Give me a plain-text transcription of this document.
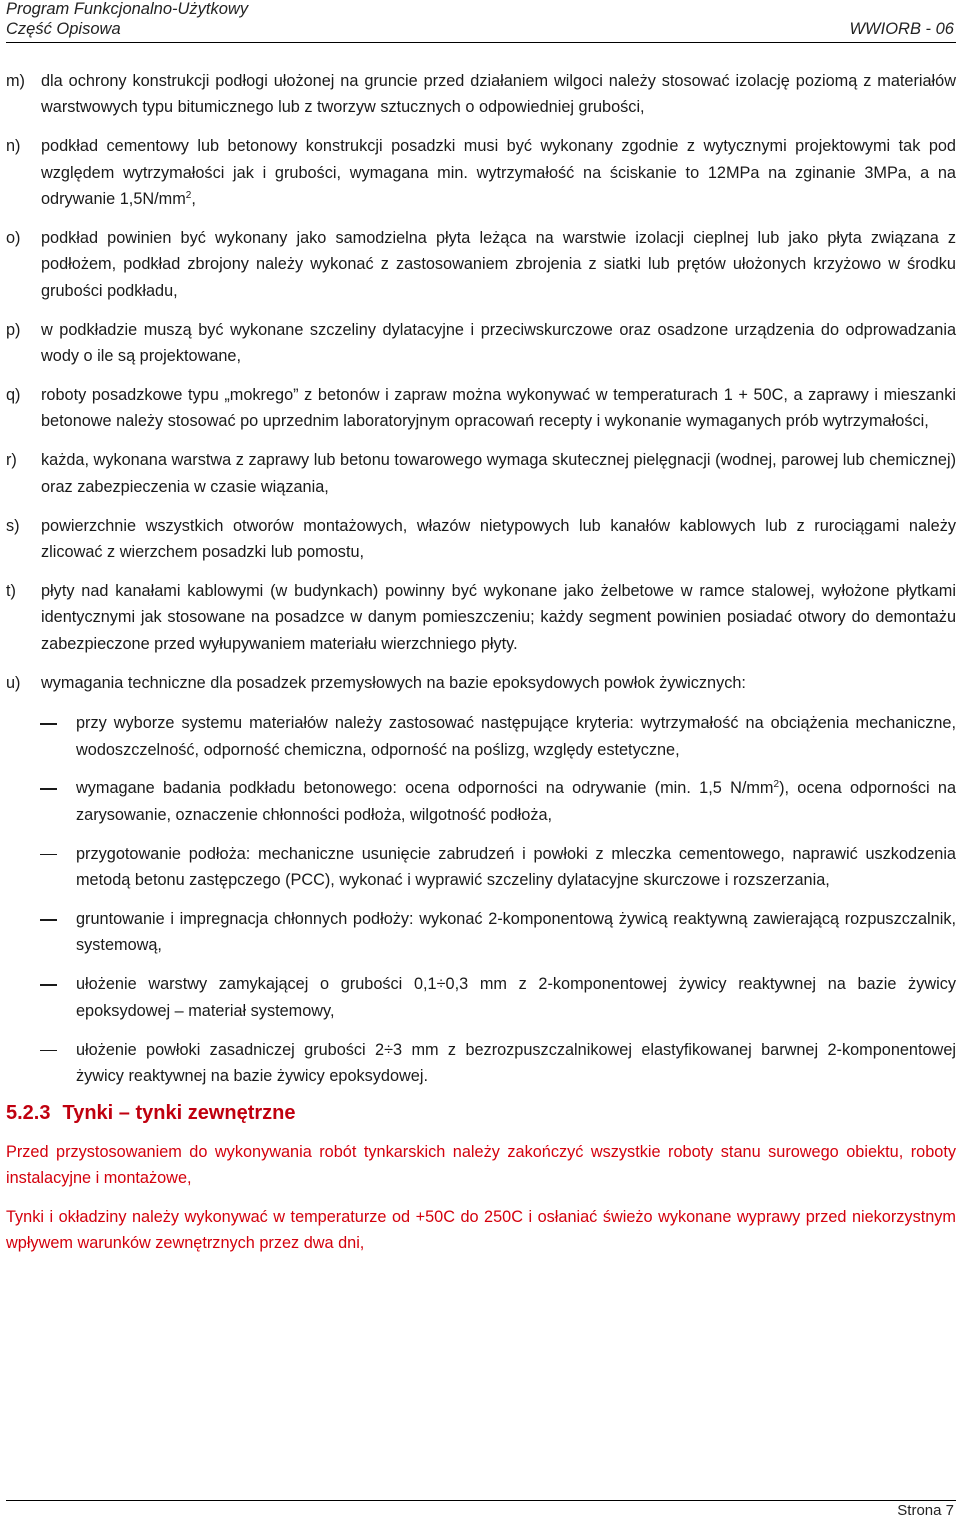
Program Funkcjonalno-Użytkowy
Część Opisowa	WWIORB - 06
m) dla ochrony konstrukcji podłogi ułożonej na gruncie przed działaniem wilgoci należy stosować izolację poziomą z materiałów warstwowych typu bitumicznego lub z tworzyw sztucznych o odpowiedniej grubości,
n) podkład cementowy lub betonowy konstrukcji posadzki musi być wykonany zgodnie z wytycznymi projektowymi tak pod względem wytrzymałości jak i grubości, wymagana min. wytrzymałość na ściskanie to 12MPa na zginanie 3MPa, a na odrywanie $1,5N/mm^2$,
o) podkład powinien być wykonany jako samodzielna płyta leżąca na warstwie izolacji cieplnej lub jako płyta związana z podłożem, podkład zbrojony należy wykonać z zastosowaniem zbrojenia z siatki lub prętów ułożonych krzyżowo w środku grubości podkładu,
p) w podkładzie muszą być wykonane szczeliny dylatacyjne i przeciwskurczowe oraz osadzone urządzenia do odprowadzania wody o ile są projektowane,
q) roboty posadzkowe typu „mokrego” z betonów i zapraw można wykonywać w temperaturach 1 + 50C, a zaprawy i mieszanki betonowe należy stosować po uprzednim laboratoryjnym opracowań recepty i wykonanie wymaganych prób wytrzymałości,
r) każda, wykonana warstwa z zaprawy lub betonu towarowego wymaga skutecznej pielęgnacji (wodnej, parowej lub chemicznej) oraz zabezpieczenia w czasie wiązania,
s) powierzchnie wszystkich otworów montażowych, włazów nietypowych lub kanałów kablowych lub z rurociągami należy zlicować z wierzchem posadzki lub pomostu,
t) płyty nad kanałami kablowymi (w budynkach) powinny być wykonane jako żelbetowe w ramce stalowej, wyłożone płytkami identycznymi jak stosowane na posadzce w danym pomieszczeniu; każdy segment powinien posiadać otwory do demontażu zabezpieczone przed wyłupywaniem materiału wierzchniego płyty.
u) wymagania techniczne dla posadzek przemysłowych na bazie epoksydowych powłok żywicznych:
przy wyborze systemu materiałów należy zastosować następujące kryteria: wytrzymałość na obciążenia mechaniczne, wodoszczelność, odporność chemiczna, odporność na poślizg, względy estetyczne,
wymagane badania podkładu betonowego: ocena odporności na odrywanie (min. 1,5 $N/mm^2$), ocena odporności na zarysowanie, oznaczenie chłonności podłoża, wilgotność podłoża,
przygotowanie podłoża: mechaniczne usunięcie zabrudzeń i powłoki z mleczka cementowego, naprawić uszkodzenia metodą betonu zastępczego (PCC), wykonać i wyprawić szczeliny dylatacyjne skurczowe i rozszerzania,
gruntowanie i impregnacja chłonnych podłoży: wykonać 2-komponentową żywicą reaktywną zawierającą rozpuszczalnik, systemową,
ułożenie warstwy zamykającej o grubości 0,1÷0,3 mm z 2-komponentowej żywicy reaktywnej na bazie żywicy epoksydowej – materiał systemowy,
ułożenie powłoki zasadniczej grubości 2÷3 mm z bezrozpuszczalnikowej elastyfikowanej barwnej 2-komponentowej żywicy reaktywnej na bazie żywicy epoksydowej.
5.2.3 Tynki – tynki zewnętrzne
Przed przystosowaniem do wykonywania robót tynkarskich należy zakończyć wszystkie roboty stanu surowego obiektu, roboty instalacyjne i montażowe,
Tynki i okładziny należy wykonywać w temperaturze od +50C do 250C i osłaniać świeżo wykonane wyprawy przed niekorzystnym wpływem warunków zewnętrznych przez dwa dni,
Strona 7
